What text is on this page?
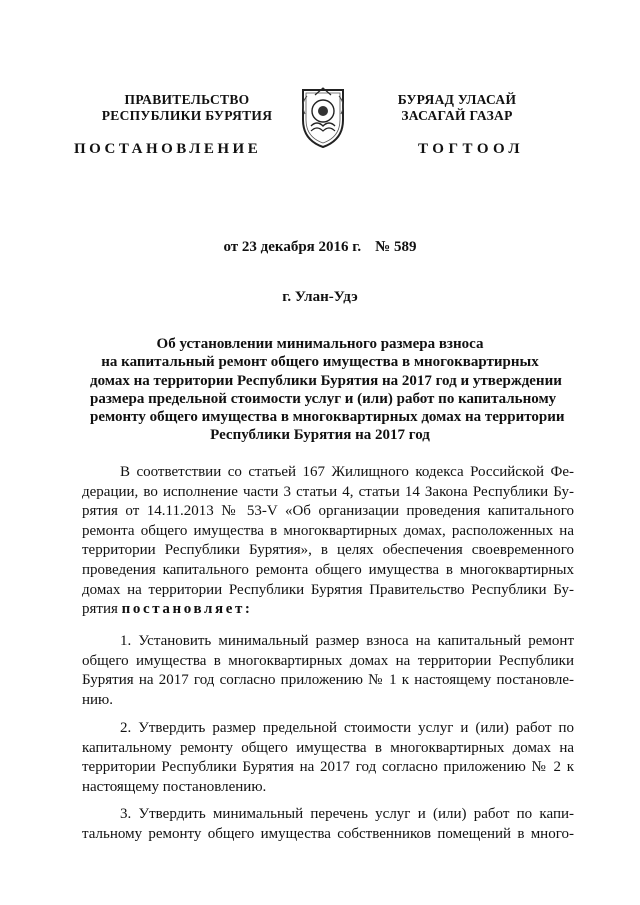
ПРАВИТЕЛЬСТВО
РЕСПУБЛИКИ БУРЯТИЯ
БУРЯАД УЛАСАЙ
ЗАСАГАЙ ГАЗАР
ПОСТАНОВЛЕНИЕ	ТОГТООЛ
от 23 декабря 2016 г. № 589
г. Улан-Удэ
Об установлении минимального размера взноса
на капитальный ремонт общего имущества в многоквартирных
домах на территории Республики Бурятия на 2017 год и утверждении
размера предельной стоимости услуг и (или) работ по капитальному
ремонту общего имущества в многоквартирных домах на территории
Республики Бурятия на 2017 год
В соответствии со статьей 167 Жилищного кодекса Российской Фе-
дерации, во исполнение части 3 статьи 4, статьи 14 Закона Республики Бу-
рятия от 14.11.2013 № 53-V «Об организации проведения капитального
ремонта общего имущества в многоквартирных домах, расположенных на
территории Республики Бурятия», в целях обеспечения своевременного
проведения капитального ремонта общего имущества в многоквартирных
домах на территории Республики Бурятия Правительство Республики Бу-
рятия постановляет:
1. Установить минимальный размер взноса на капитальный ремонт
общего имущества в многоквартирных домах на территории Республики
Бурятия на 2017 год согласно приложению № 1 к настоящему постановле-
нию.
2. Утвердить размер предельной стоимости услуг и (или) работ по
капитальному ремонту общего имущества в многоквартирных домах на
территории Республики Бурятия на 2017 год согласно приложению № 2 к
настоящему постановлению.
3. Утвердить минимальный перечень услуг и (или) работ по капи-
тальному ремонту общего имущества собственников помещений в много-
